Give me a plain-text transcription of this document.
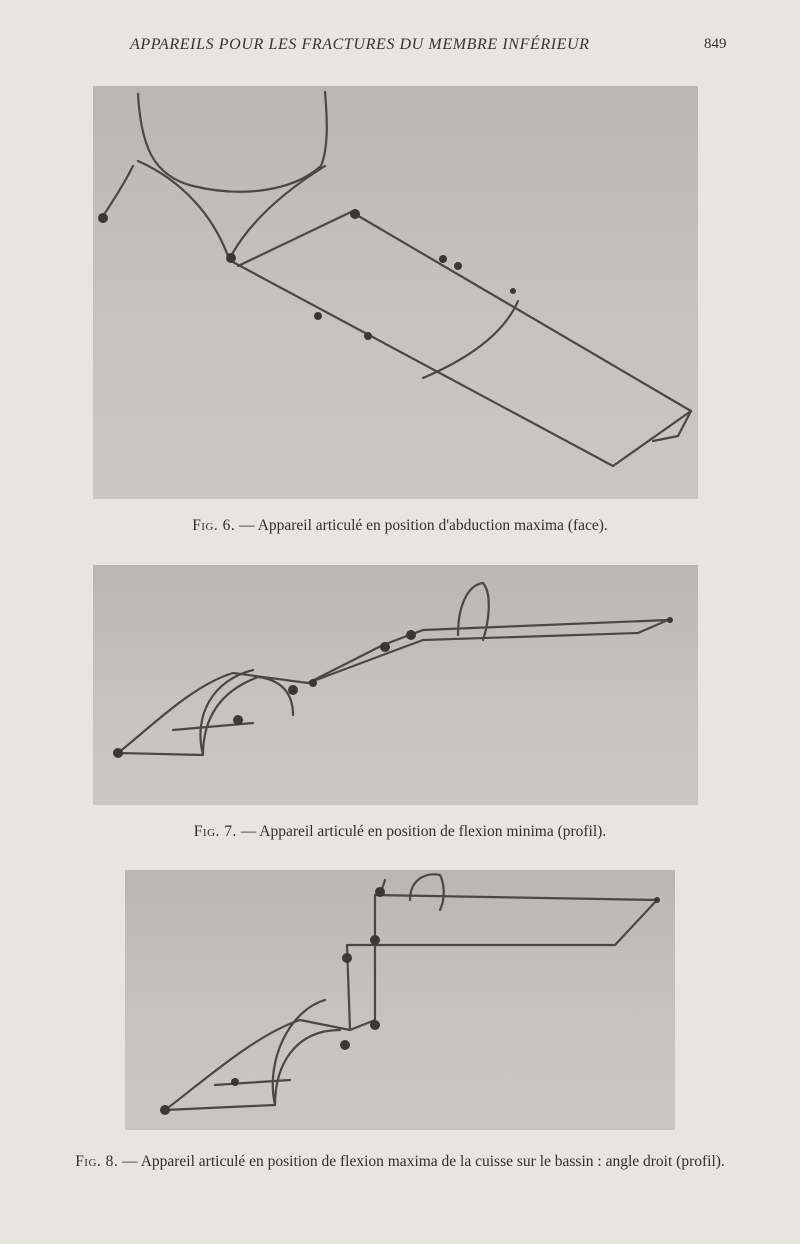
APPAREILS POUR LES FRACTURES DU MEMBRE INFÉRIEUR	849
Fig. 6. — Appareil articulé en position d'abduction maxima (face).
Fig. 7. — Appareil articulé en position de flexion minima (profil).
Fig. 8. — Appareil articulé en position de flexion maxima de la cuisse sur le bassin : angle droit (profil).
